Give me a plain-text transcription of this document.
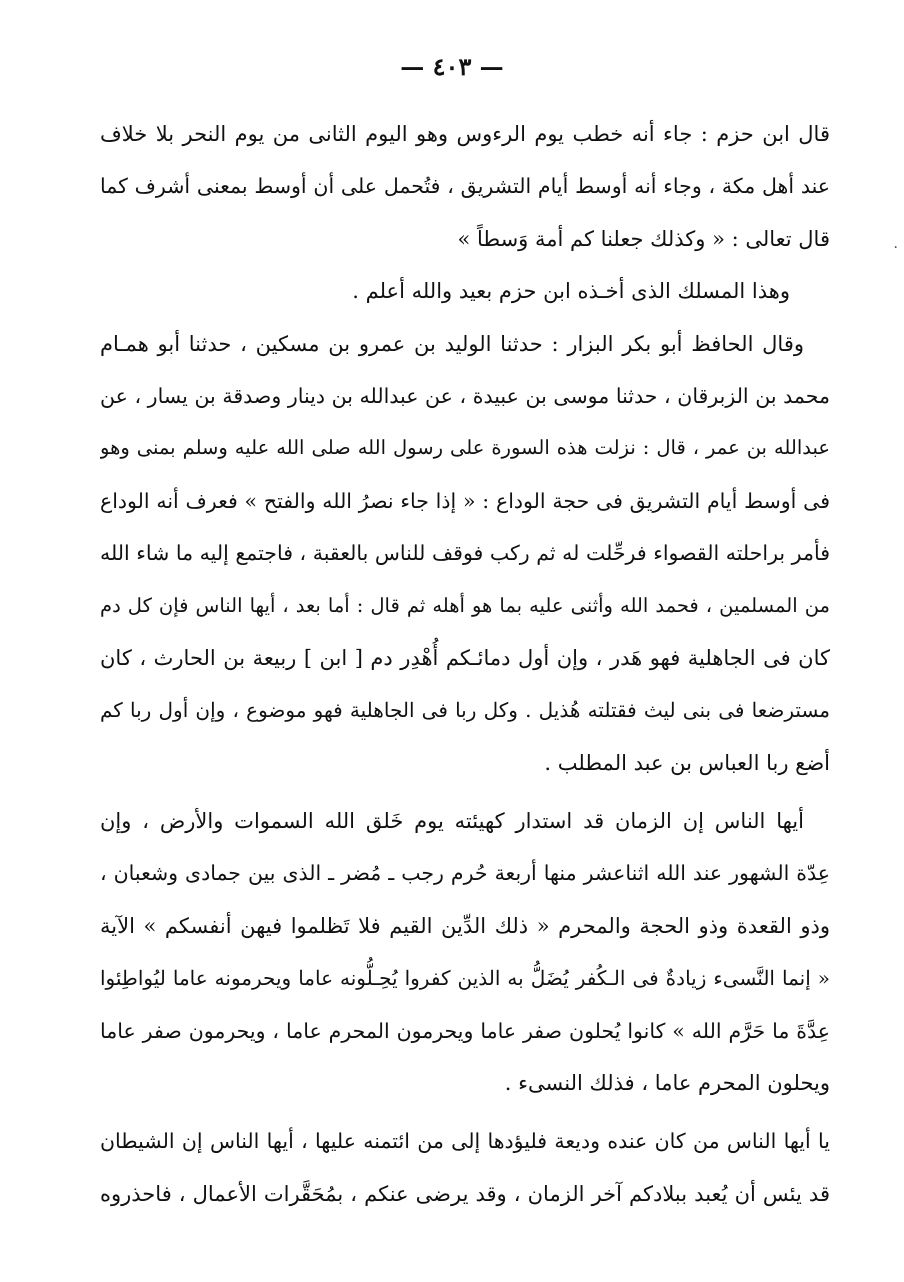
— ٤٠٣ —
·
قال ابن حزم : جاء أنه خطب يوم الرءوس وهو اليوم الثانى من يوم النحر بلا خلاف
عند أهل مكة ، وجاء أنه أوسط أيام التشريق ، فتُحمل على أن أوسط بمعنى أشرف كما
قال تعالى : « وكذلك جعلنا كم أمة وَسطاً »
وهذا المسلك الذى أخـذه ابن حزم بعيد والله أعلم .
وقال الحافظ أبو بكر البزار : حدثنا الوليد بن عمرو بن مسكين ، حدثنا أبو همـام
محمد بن الزبرقان ، حدثنا موسى بن عبيدة ، عن عبدالله بن دينار وصدقة بن يسار ، عن
عبدالله بن عمر ، قال : نزلت هذه السورة على رسول الله صلى الله عليه وسلم بمنى وهو
فى أوسط أيام التشريق فى حجة الوداع : « إذا جاء نصرُ الله والفتح » فعرف أنه الوداع
فأمر براحلته القصواء فرحِّلت له ثم ركب فوقف للناس بالعقبة ، فاجتمع إليه ما شاء الله
من المسلمين ، فحمد الله وأثنى عليه بما هو أهله ثم قال : أما بعد ، أيها الناس فإن كل دم
كان فى الجاهلية فهو هَدر ، وإن أول دمائـكم أُهْدِر دم [ ابن ] ربيعة بن الحارث ، كان
مسترضعا فى بنى ليث فقتلته هُذيل . وكل ربا فى الجاهلية فهو موضوع ، وإن أول ربا كم
أضع ربا العباس بن عبد المطلب .
أيها الناس إن الزمان قد استدار كهيئته يوم خَلق الله السموات والأرض ، وإن
عِدّة الشهور عند الله اثناعشر منها أربعة حُرم رجب ـ مُضر ـ الذى بين جمادى وشعبان ،
وذو القعدة وذو الحجة والمحرم « ذلك الدِّين القيم فلا تَظلموا فيهن أنفسكم » الآية
« إنما النَّسىء زيادةٌ فى الـكُفر يُضَلُّ به الذين كفروا يُحِـلُّونه عاما ويحرمونه عاما ليُواطِئوا
عِدَّةَ ما حَرَّم الله » كانوا يُحلون صفر عاما ويحرمون المحرم عاما ، ويحرمون صفر عاما
ويحلون المحرم عاما ، فذلك النسىء .
يا أيها الناس من كان عنده وديعة فليؤدها إلى من ائتمنه عليها ، أيها الناس إن الشيطان
قد يئس أن يُعبد ببلادكم آخر الزمان ، وقد يرضى عنكم ، بمُحَقَّرات الأعمال ، فاحذروه
